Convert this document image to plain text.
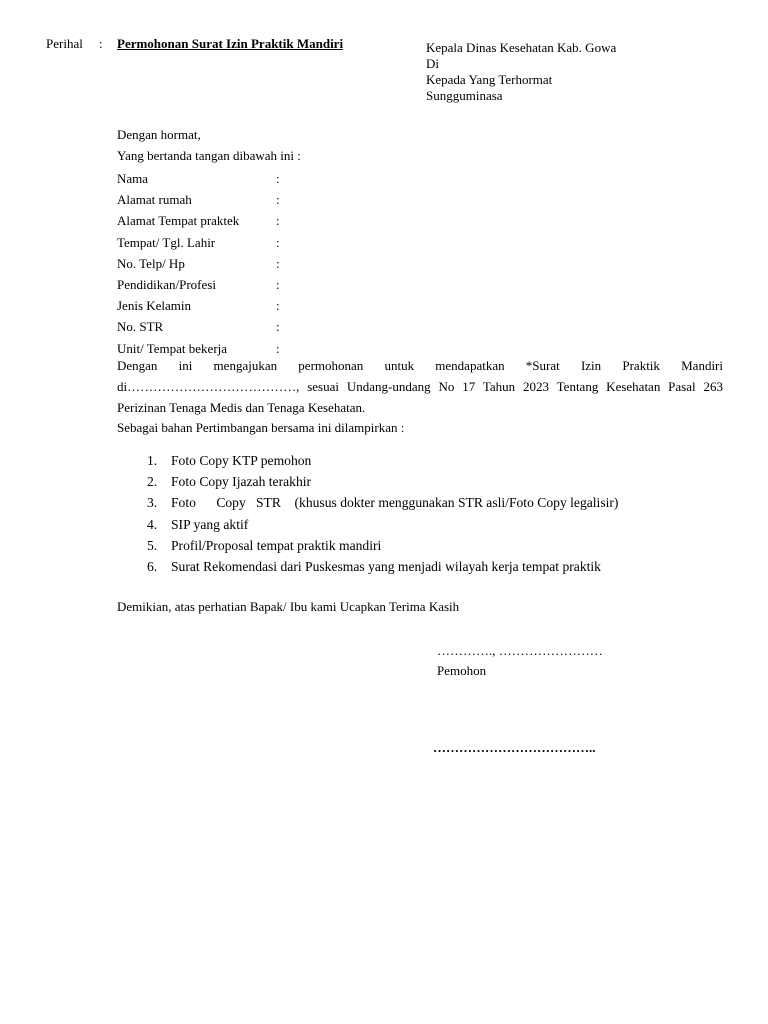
Perihal : Permohonan Surat Izin Praktik Mandiri	Kepala Dinas Kesehatan Kab. Gowa
Di
Kepada Yang Terhormat
Sungguminasa
Dengan hormat,
Yang bertanda tangan dibawah ini :
Nama	:
Alamat rumah	:
Alamat Tempat praktek	:
Tempat/ Tgl. Lahir	:
No. Telp/ Hp	:
Pendidikan/Profesi	:
Jenis Kelamin	:
No. STR	:
Unit/ Tempat bekerja	:
Dengan ini mengajukan permohonan untuk mendapatkan *Surat Izin Praktik Mandiri di…………………………………, sesuai Undang-undang No 17 Tahun 2023 Tentang Kesehatan Pasal 263 Perizinan Tenaga Medis dan Tenaga Kesehatan.
Sebagai bahan Pertimbangan bersama ini dilampirkan :
1. Foto Copy KTP pemohon
2. Foto Copy Ijazah terakhir
3. Foto      Copy   STR    (khusus dokter menggunakan STR asli/Foto Copy legalisir)
4. SIP yang aktif
5. Profil/Proposal tempat praktik mandiri
6. Surat Rekomendasi dari Puskesmas yang menjadi wilayah kerja tempat praktik
Demikian, atas perhatian Bapak/ Ibu kami Ucapkan Terima Kasih
…………., ……………………
Pemohon
………………………………..
